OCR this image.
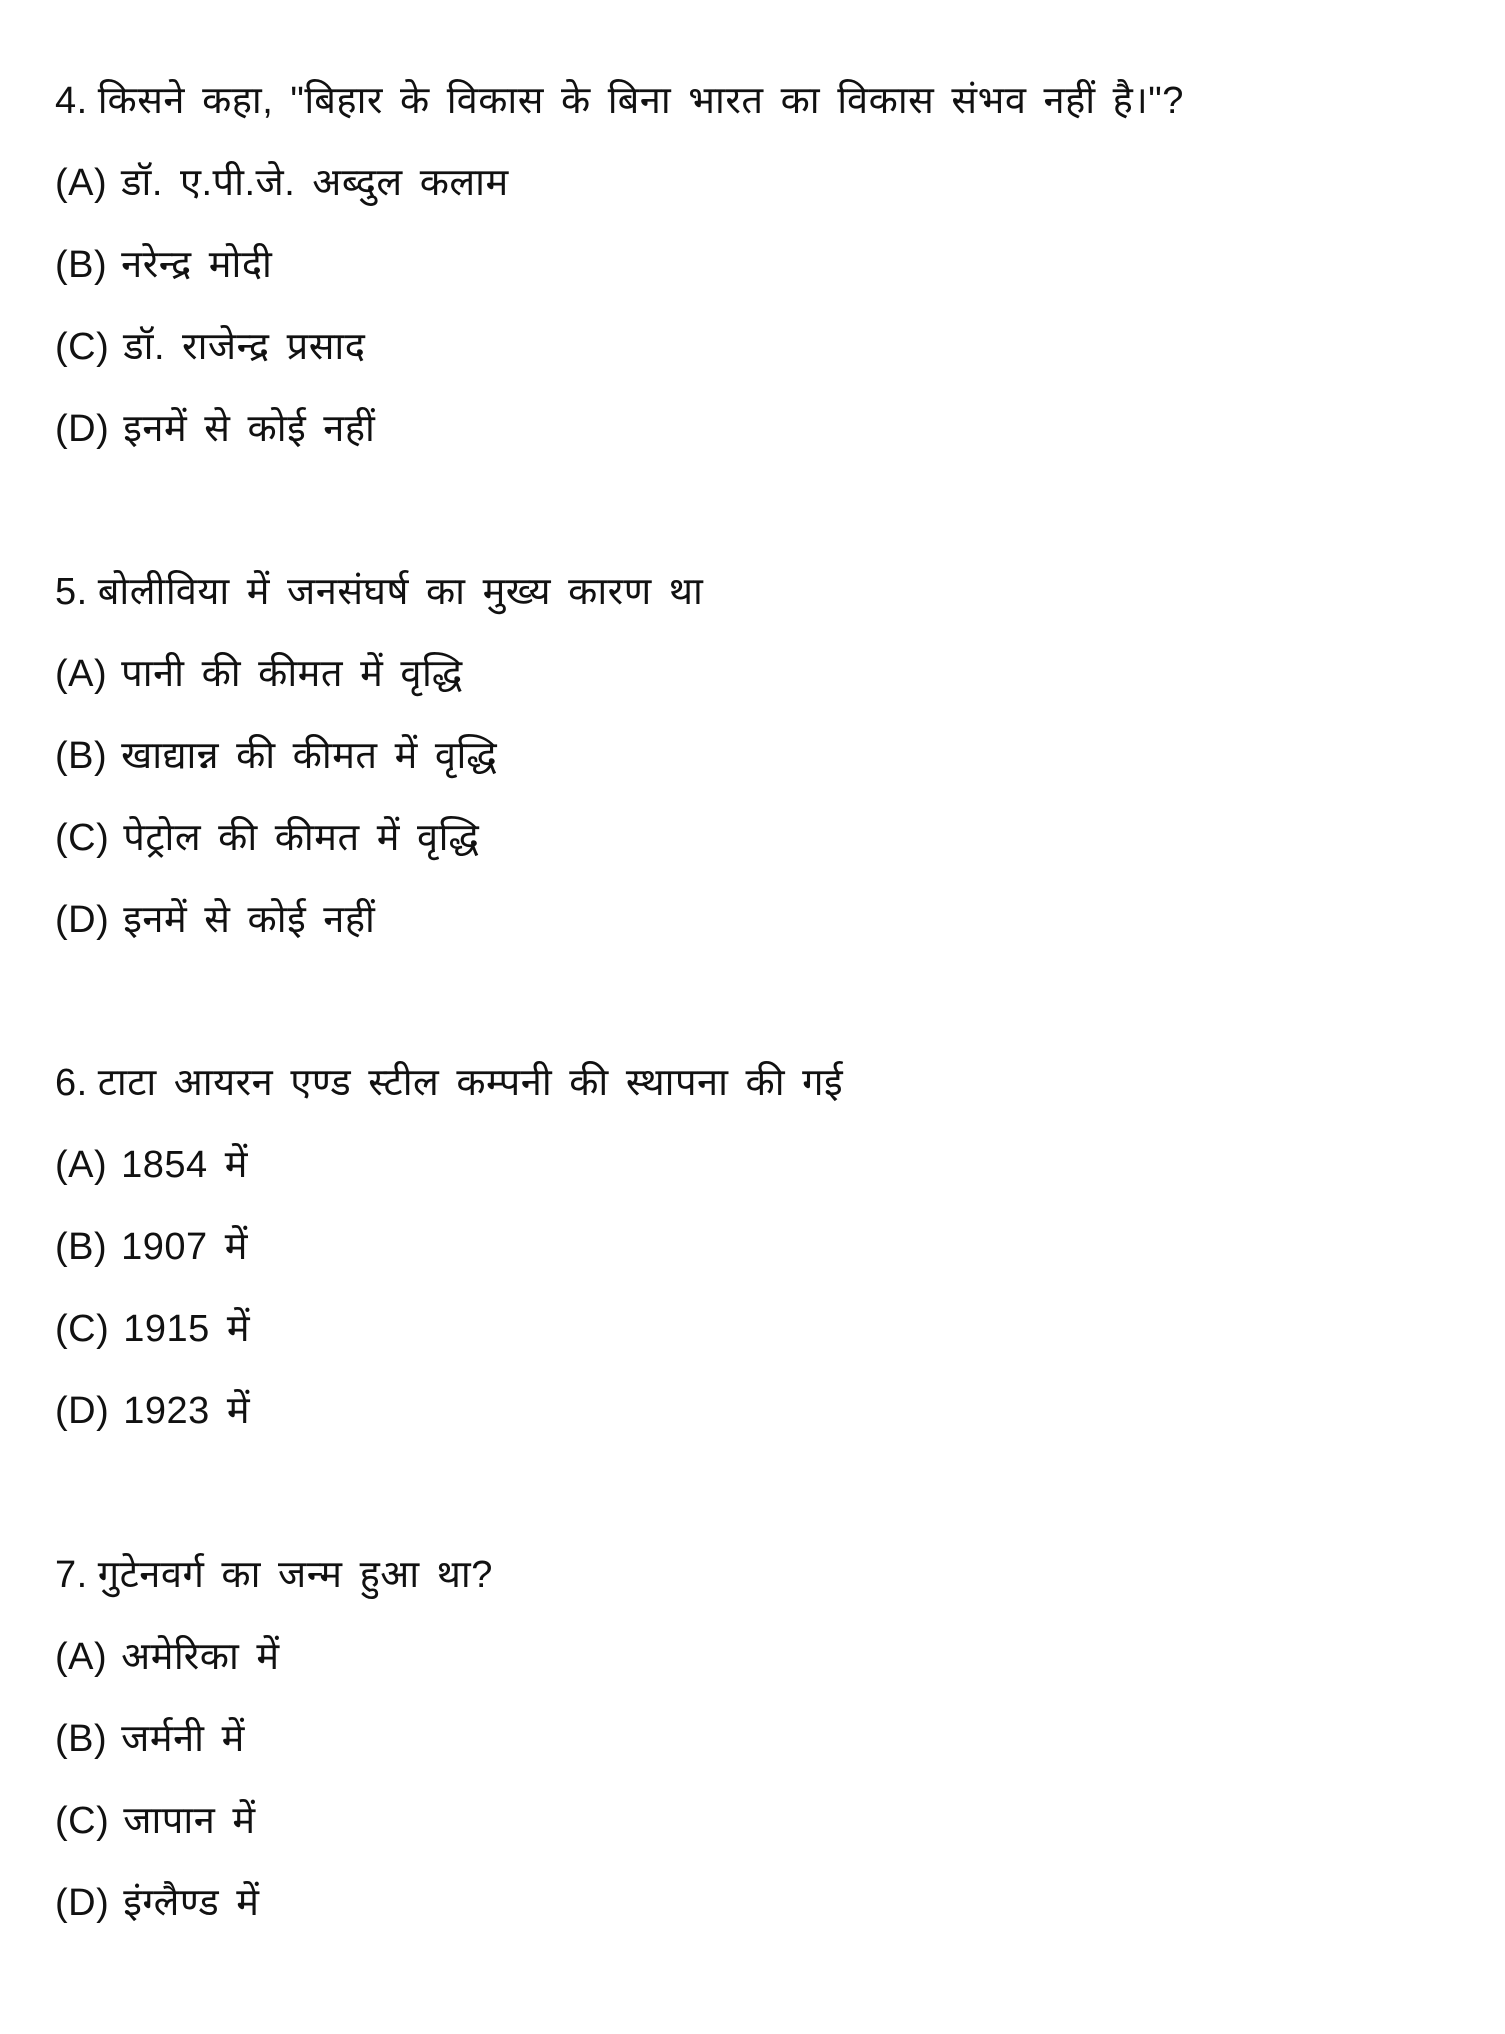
4. किसने कहा, "बिहार के विकास के बिना भारत का विकास संभव नहीं है।"?
(A) डॉ. ए.पी.जे. अब्दुल कलाम
(B) नरेन्द्र मोदी
(C) डॉ. राजेन्द्र प्रसाद
(D) इनमें से कोई नहीं
5. बोलीविया में जनसंघर्ष का मुख्य कारण था
(A) पानी की कीमत में वृद्धि
(B) खाद्यान्न की कीमत में वृद्धि
(C) पेट्रोल की कीमत में वृद्धि
(D) इनमें से कोई नहीं
6. टाटा आयरन एण्ड स्टील कम्पनी की स्थापना की गई
(A) 1854 में
(B) 1907 में
(C) 1915 में
(D) 1923 में
7. गुटेनवर्ग का जन्म हुआ था?
(A) अमेरिका में
(B) जर्मनी में
(C) जापान में
(D) इंग्लैण्ड में
